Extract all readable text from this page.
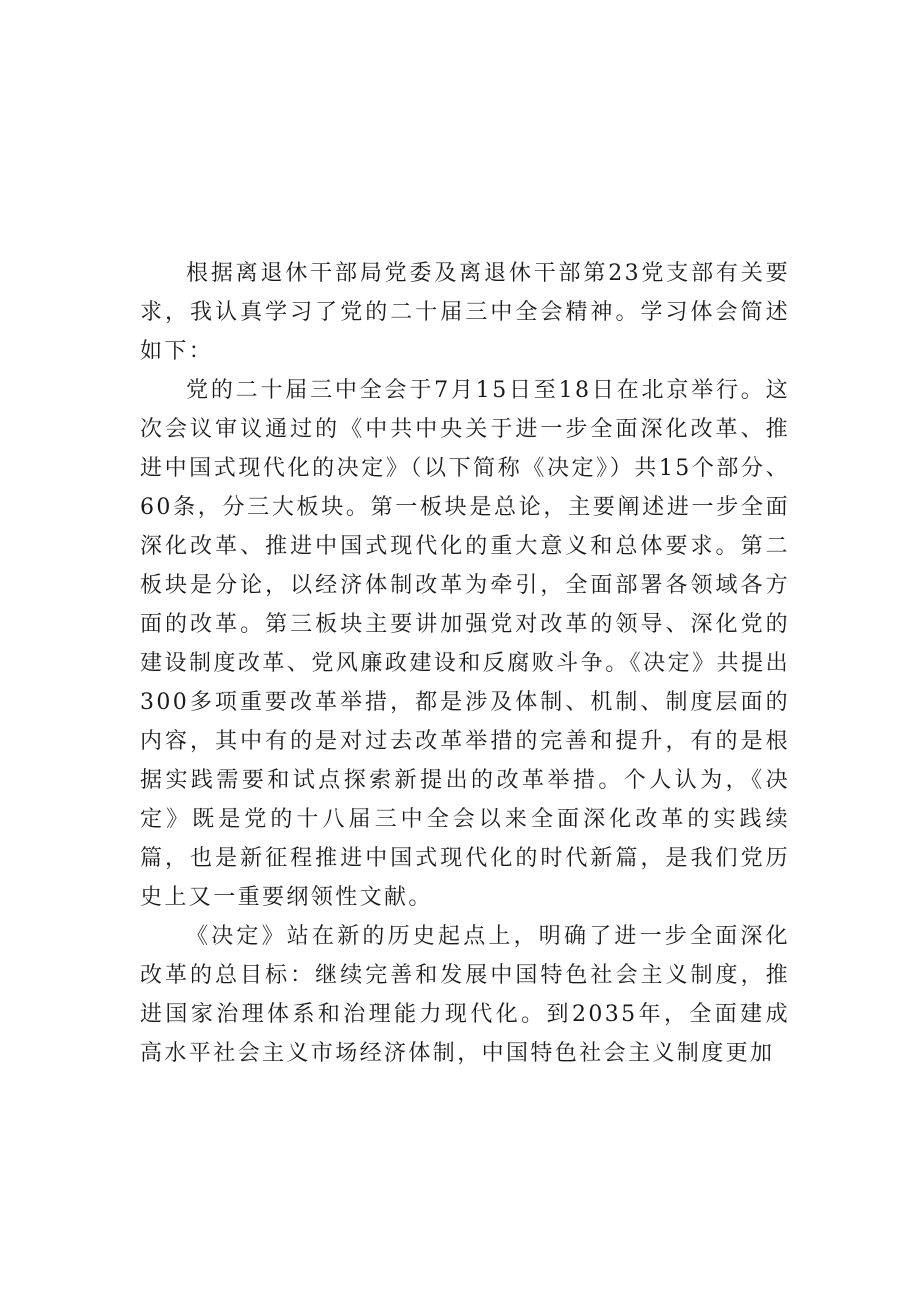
根据离退休干部局党委及离退休干部第23党支部有关要求，我认真学习了党的二十届三中全会精神。学习体会简述如下：

党的二十届三中全会于7月15日至18日在北京举行。这次会议审议通过的《中共中央关于进一步全面深化改革、推进中国式现代化的决定》（以下简称《决定》）共15个部分、60条，分三大板块。第一板块是总论，主要阐述进一步全面深化改革、推进中国式现代化的重大意义和总体要求。第二板块是分论，以经济体制改革为牵引，全面部署各领域各方面的改革。第三板块主要讲加强党对改革的领导、深化党的建设制度改革、党风廉政建设和反腐败斗争。《决定》共提出300多项重要改革举措，都是涉及体制、机制、制度层面的内容，其中有的是对过去改革举措的完善和提升，有的是根据实践需要和试点探索新提出的改革举措。个人认为，《决定》既是党的十八届三中全会以来全面深化改革的实践续篇，也是新征程推进中国式现代化的时代新篇，是我们党历史上又一重要纲领性文献。

《决定》站在新的历史起点上，明确了进一步全面深化改革的总目标：继续完善和发展中国特色社会主义制度，推进国家治理体系和治理能力现代化。到2035年，全面建成高水平社会主义市场经济体制，中国特色社会主义制度更加
